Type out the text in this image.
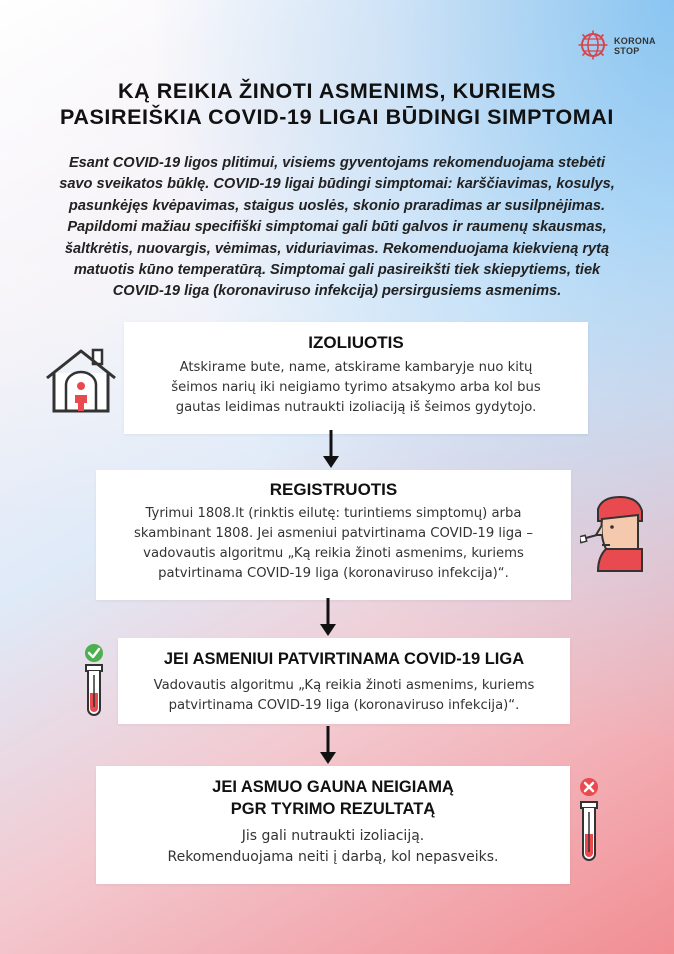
KORONA
STOP
KĄ REIKIA ŽINOTI ASMENIMS, KURIEMS
PASIREIŠKIA COVID-19 LIGAI BŪDINGI SIMPTOMAI
Esant COVID-19 ligos plitimui, visiems gyventojams rekomenduojama stebėti
savo sveikatos būklę. COVID-19 ligai būdingi simptomai: karščiavimas, kosulys,
pasunkėjęs kvėpavimas, staigus uoslės, skonio praradimas ar susilpnėjimas.
Papildomi mažiau specifiški simptomai gali būti galvos ir raumenų skausmas,
šaltkrėtis, nuovargis, vėmimas, viduriavimas. Rekomenduojama kiekvieną rytą
matuotis kūno temperatūrą. Simptomai gali pasireikšti tiek skiepytiems, tiek
COVID-19 liga (koronaviruso infekcija) persirgusiems asmenims.
IZOLIUOTIS
Atskirame bute, name, atskirame kambaryje nuo kitų
šeimos narių iki neigiamo tyrimo atsakymo arba kol bus
gautas leidimas nutraukti izoliaciją iš šeimos gydytojo.
REGISTRUOTIS
Tyrimui 1808.lt (rinktis eilutę: turintiems simptomų) arba
skambinant 1808. Jei asmeniui patvirtinama COVID-19 liga –
vadovautis algoritmu „Ką reikia žinoti asmenims, kuriems
patvirtinama COVID-19 liga (koronaviruso infekcija)“.
JEI ASMENIUI PATVIRTINAMA COVID-19 LIGA
Vadovautis algoritmu „Ką reikia žinoti asmenims, kuriems
patvirtinama COVID-19 liga (koronaviruso infekcija)“.
JEI ASMUO GAUNA NEIGIAMĄ
PGR TYRIMO REZULTATĄ
Jis gali nutraukti izoliaciją.
Rekomenduojama neiti į darbą, kol nepasveiks.
